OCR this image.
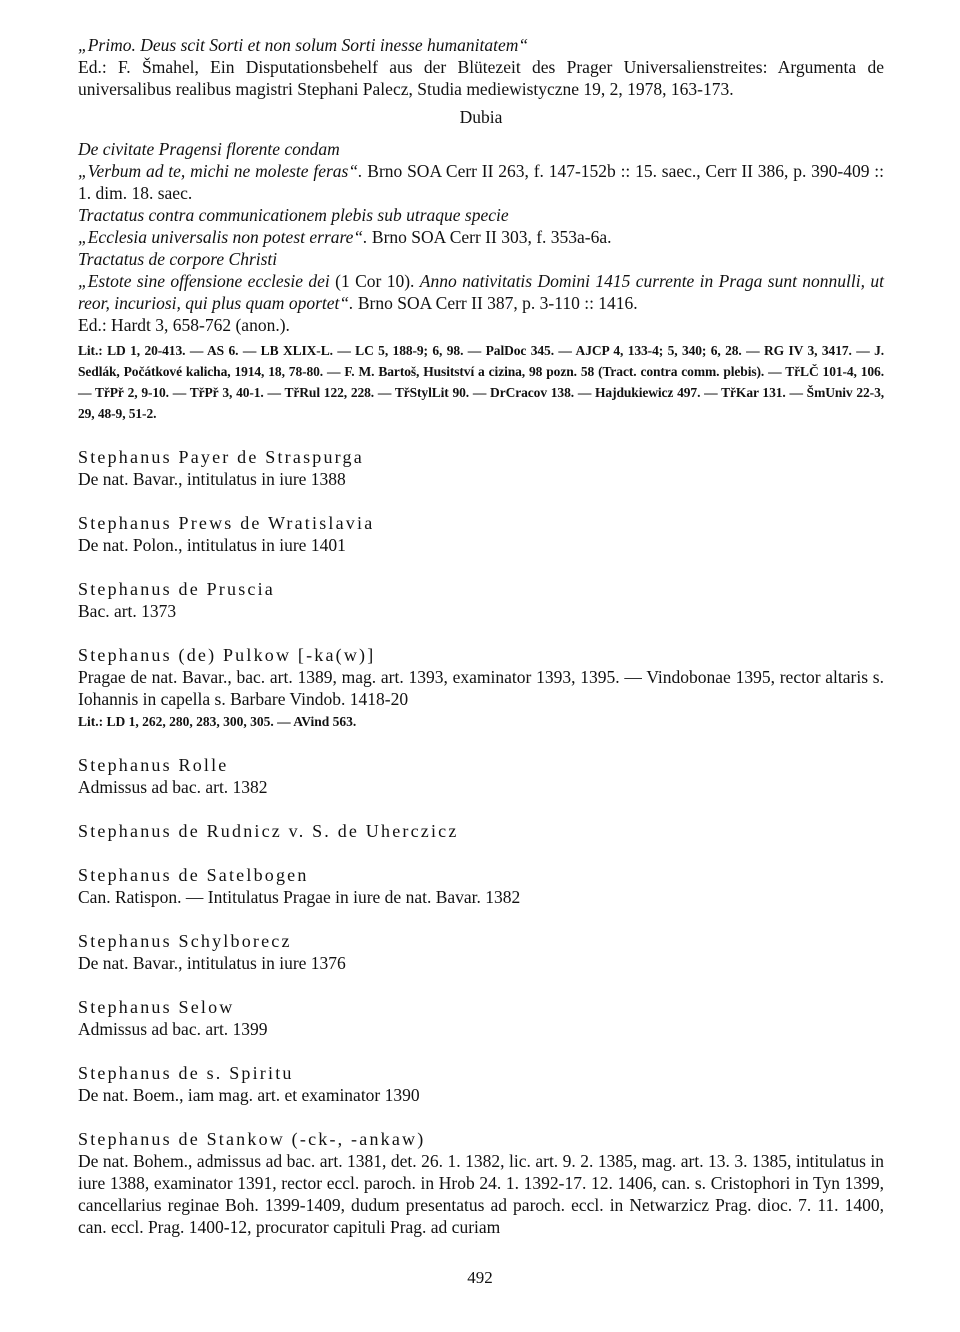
„Primo. Deus scit Sorti et non solum Sorti inesse humanitatem“

Ed.: F. Šmahel, Ein Disputationsbehelf aus der Blütezeit des Prager Universalienstreites: Argumenta de universalibus realibus magistri Stephani Palecz, Studia mediewistyczne 19, 2, 1978, 163-173.

Dubia

De civitate Pragensi florente condam

„Verbum ad te, michi ne moleste feras“. Brno SOA Cerr II 263, f. 147-152b :: 15. saec., Cerr II 386, p. 390-409 :: 1. dim. 18. saec.

Tractatus contra communicationem plebis sub utraque specie

„Ecclesia universalis non potest errare“. Brno SOA Cerr II 303, f. 353a-6a.

Tractatus de corpore Christi

„Estote sine offensione ecclesie dei (1 Cor 10). Anno nativitatis Domini 1415 currente in Praga sunt nonnulli, ut reor, incuriosi, qui plus quam oportet“. Brno SOA Cerr II 387, p. 3-110 :: 1416.

Ed.: Hardt 3, 658-762 (anon.).

Lit.: LD 1, 20-413. — AS 6. — LB XLIX-L. — LC 5, 188-9; 6, 98. — PalDoc 345. — AJCP 4, 133-4; 5, 340; 6, 28. — RG IV 3, 3417. — J. Sedlák, Počátkové kalicha, 1914, 18, 78-80. — F. M. Bartoš, Husitství a cizina, 98 pozn. 58 (Tract. contra comm. plebis). — TřLČ 101-4, 106. — TřPř 2, 9-10. — TřPř 3, 40-1. — TřRul 122, 228. — TřStylLit 90. — DrCracov 138. — Hajdukiewicz 497. — TřKar 131. — ŠmUniv 22-3, 29, 48-9, 51-2.

Stephanus Payer de Straspurga

De nat. Bavar., intitulatus in iure 1388

Stephanus Prews de Wratislavia

De nat. Polon., intitulatus in iure 1401

Stephanus de Pruscia

Bac. art. 1373

Stephanus (de) Pulkow [-ka(w)]

Pragae de nat. Bavar., bac. art. 1389, mag. art. 1393, examinator 1393, 1395. — Vindobonae 1395, rector altaris s. Iohannis in capella s. Barbare Vindob. 1418-20

Lit.: LD 1, 262, 280, 283, 300, 305. — AVind 563.

Stephanus Rolle

Admissus ad bac. art. 1382

Stephanus de Rudnicz v. S. de Uherczicz

Stephanus de Satelbogen

Can. Ratispon. — Intitulatus Pragae in iure de nat. Bavar. 1382

Stephanus Schylborecz

De nat. Bavar., intitulatus in iure 1376

Stephanus Selow

Admissus ad bac. art. 1399

Stephanus de s. Spiritu

De nat. Boem., iam mag. art. et examinator 1390

Stephanus de Stankow (-ck-, -ankaw)

De nat. Bohem., admissus ad bac. art. 1381, det. 26. 1. 1382, lic. art. 9. 2. 1385, mag. art. 13. 3. 1385, intitulatus in iure 1388, examinator 1391, rector eccl. paroch. in Hrob 24. 1. 1392-17. 12. 1406, can. s. Cristophori in Tyn 1399, cancellarius reginae Boh. 1399-1409, dudum presentatus ad paroch. eccl. in Netwarzicz Prag. dioc. 7. 11. 1400, can. eccl. Prag. 1400-12, procurator capituli Prag. ad curiam

492
